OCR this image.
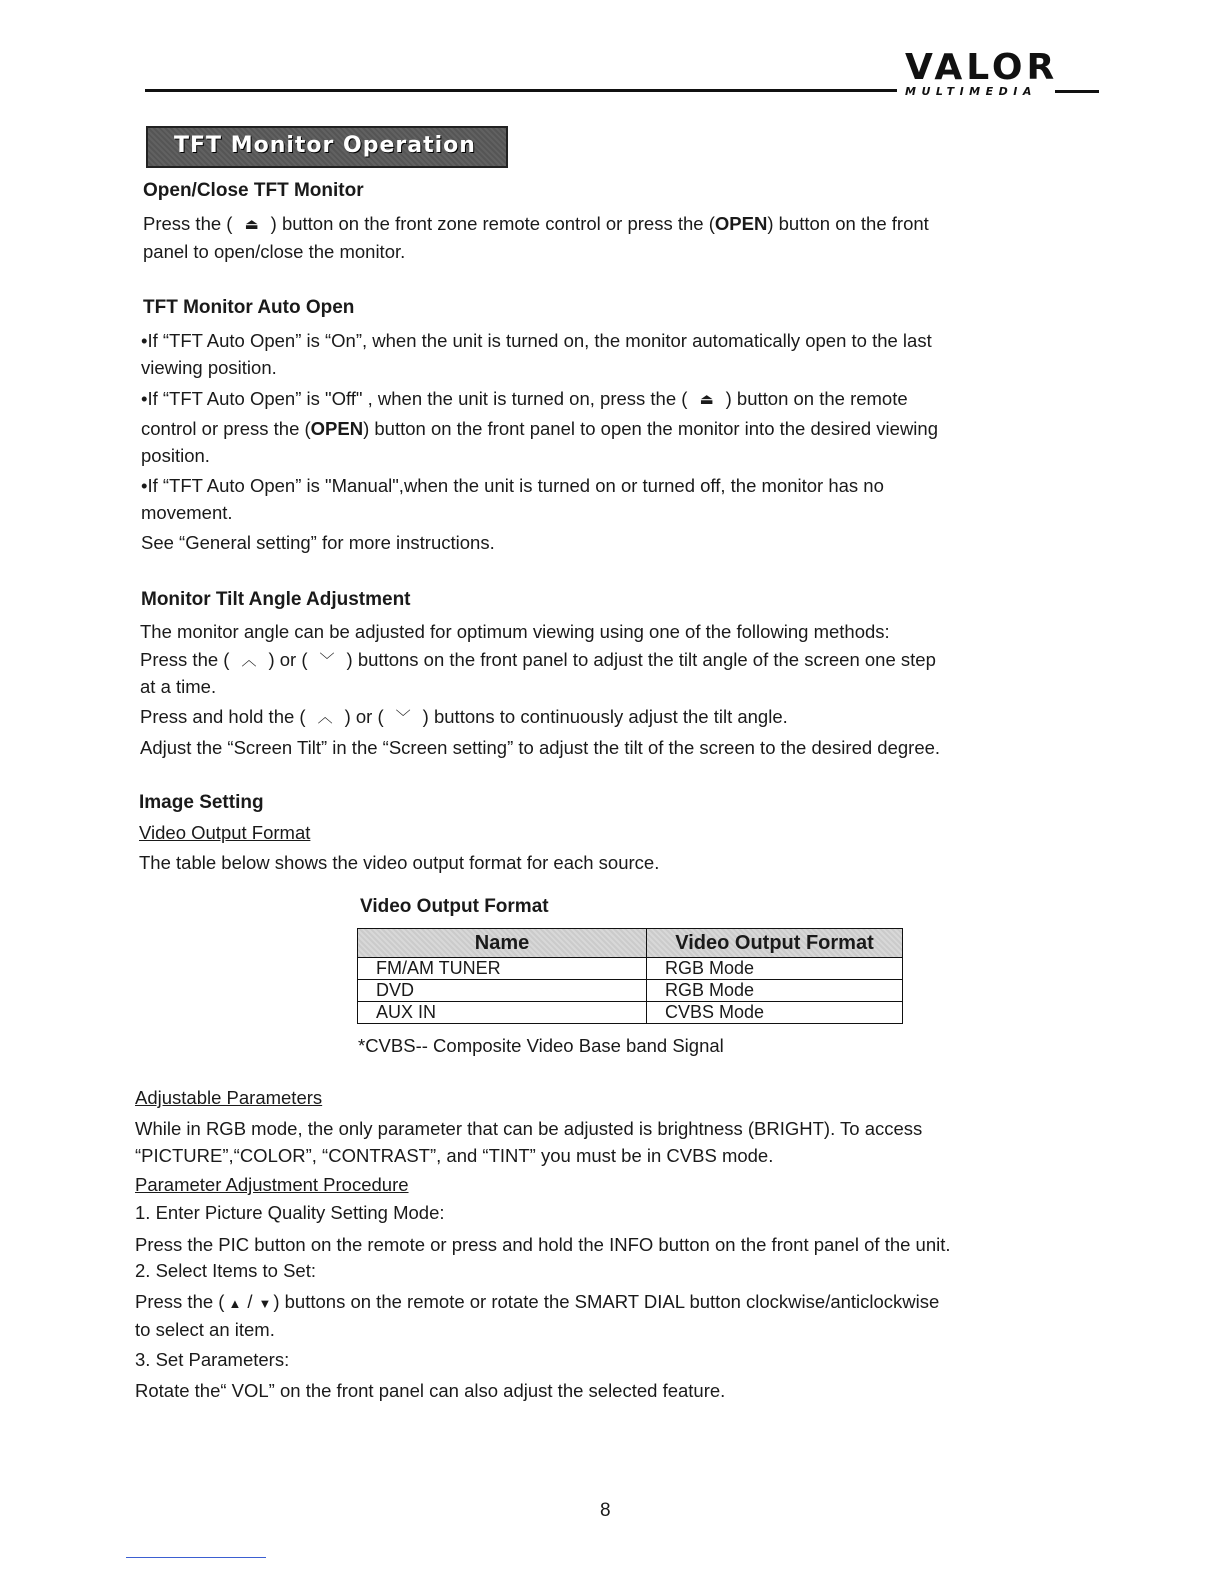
VALOR
MULTIMEDIA
TFT Monitor Operation
Open/Close TFT Monitor
Press the ( ⏏ ) button on the front zone remote control or press the (OPEN) button on the front
panel to open/close the monitor.
TFT Monitor Auto Open
•If “TFT Auto Open” is “On”, when the unit is turned on, the monitor automatically open to the last
viewing position.
•If “TFT Auto Open” is "Off" , when the unit is turned on, press the ( ⏏ ) button on the remote
control or press the (OPEN) button on the front panel to open the monitor into the desired viewing
position.
•If “TFT Auto Open” is "Manual",when the unit is turned on or turned off, the monitor has no
movement.
See “General setting” for more instructions.
Monitor Tilt Angle Adjustment
The monitor angle can be adjusted for optimum viewing using one of the following methods:
Press the ( ︿ ) or ( ﹀ ) buttons on the front panel to adjust the tilt angle of the screen one step
at a time.
Press and hold the ( ︿ ) or ( ﹀ ) buttons to continuously adjust the tilt angle.
Adjust the “Screen Tilt” in the “Screen setting” to adjust the tilt of the screen to the desired degree.
Image Setting
Video Output Format
The table below shows the video output format for each source.
Video Output Format
Name	Video Output Format
FM/AM TUNER	RGB Mode
DVD	RGB Mode
AUX IN	CVBS Mode
*CVBS-- Composite Video Base band Signal
Adjustable Parameters
While in RGB mode, the only parameter that can be adjusted is brightness (BRIGHT). To access
“PICTURE”,“COLOR”, “CONTRAST”, and “TINT” you must be in CVBS mode.
Parameter Adjustment Procedure
1. Enter Picture Quality Setting Mode:
Press the PIC button on the remote or press and hold the INFO button on the front panel of the unit.
2. Select Items to Set:
Press the ( ▲ / ▼ ) buttons on the remote or rotate the SMART DIAL button clockwise/anticlockwise
to select an item.
3. Set Parameters:
Rotate the“ VOL” on the front panel can also adjust the selected feature.
8
